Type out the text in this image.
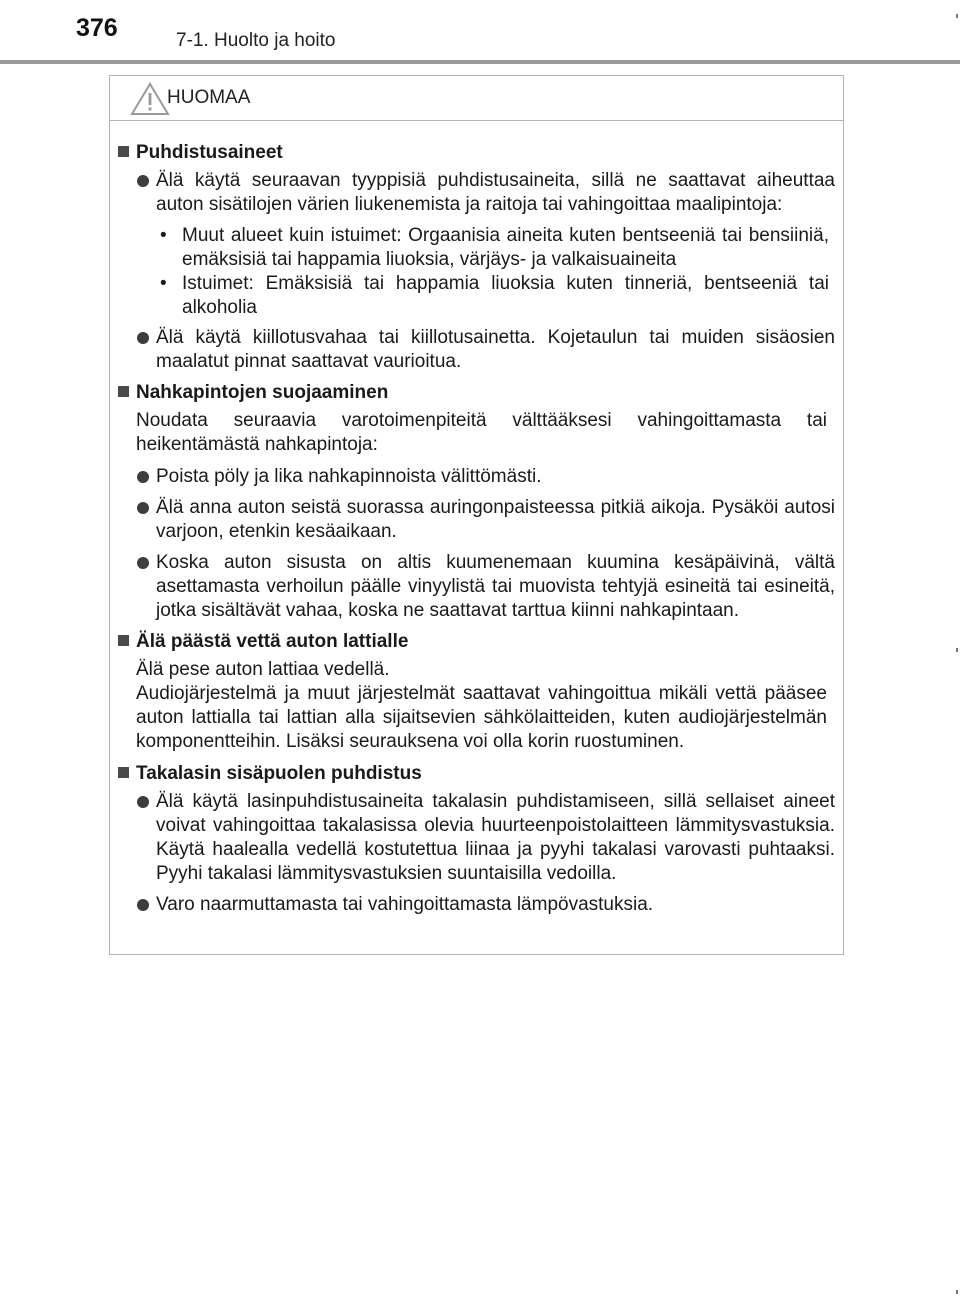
376	7-1. Huolto ja hoito
HUOMAA
Puhdistusaineet
Älä käytä seuraavan tyyppisiä puhdistusaineita, sillä ne saattavat aiheuttaa auton sisätilojen värien liukenemista ja raitoja tai vahingoittaa maalipintoja:
• Muut alueet kuin istuimet: Orgaanisia aineita kuten bentseeniä tai bensiiniä, emäksisiä tai happamia liuoksia, värjäys- ja valkaisuaineita
• Istuimet: Emäksisiä tai happamia liuoksia kuten tinneriä, bentseeniä tai alkoholia
Älä käytä kiillotusvahaa tai kiillotusainetta. Kojetaulun tai muiden sisäosien maalatut pinnat saattavat vaurioitua.
Nahkapintojen suojaaminen
Noudata seuraavia varotoimenpiteitä välttääksesi vahingoittamasta tai heikentämästä nahkapintoja:
Poista pöly ja lika nahkapinnoista välittömästi.
Älä anna auton seistä suorassa auringonpaisteessa pitkiä aikoja. Pysäköi autosi varjoon, etenkin kesäaikaan.
Koska auton sisusta on altis kuumenemaan kuumina kesäpäivinä, vältä asettamasta verhoilun päälle vinyylistä tai muovista tehtyjä esineitä tai esineitä, jotka sisältävät vahaa, koska ne saattavat tarttua kiinni nahkapintaan.
Älä päästä vettä auton lattialle
Älä pese auton lattiaa vedellä.
Audiojärjestelmä ja muut järjestelmät saattavat vahingoittua mikäli vettä pääsee auton lattialla tai lattian alla sijaitsevien sähkölaitteiden, kuten audiojärjestelmän komponentteihin. Lisäksi seurauksena voi olla korin ruostuminen.
Takalasin sisäpuolen puhdistus
Älä käytä lasinpuhdistusaineita takalasin puhdistamiseen, sillä sellaiset aineet voivat vahingoittaa takalasissa olevia huurteenpoistolaitteen lämmitysvastuksia. Käytä haalealla vedellä kostutettua liinaa ja pyyhi takalasi varovasti puhtaaksi. Pyyhi takalasi lämmitysvastuksien suuntaisilla vedoilla.
Varo naarmuttamasta tai vahingoittamasta lämpövastuksia.
